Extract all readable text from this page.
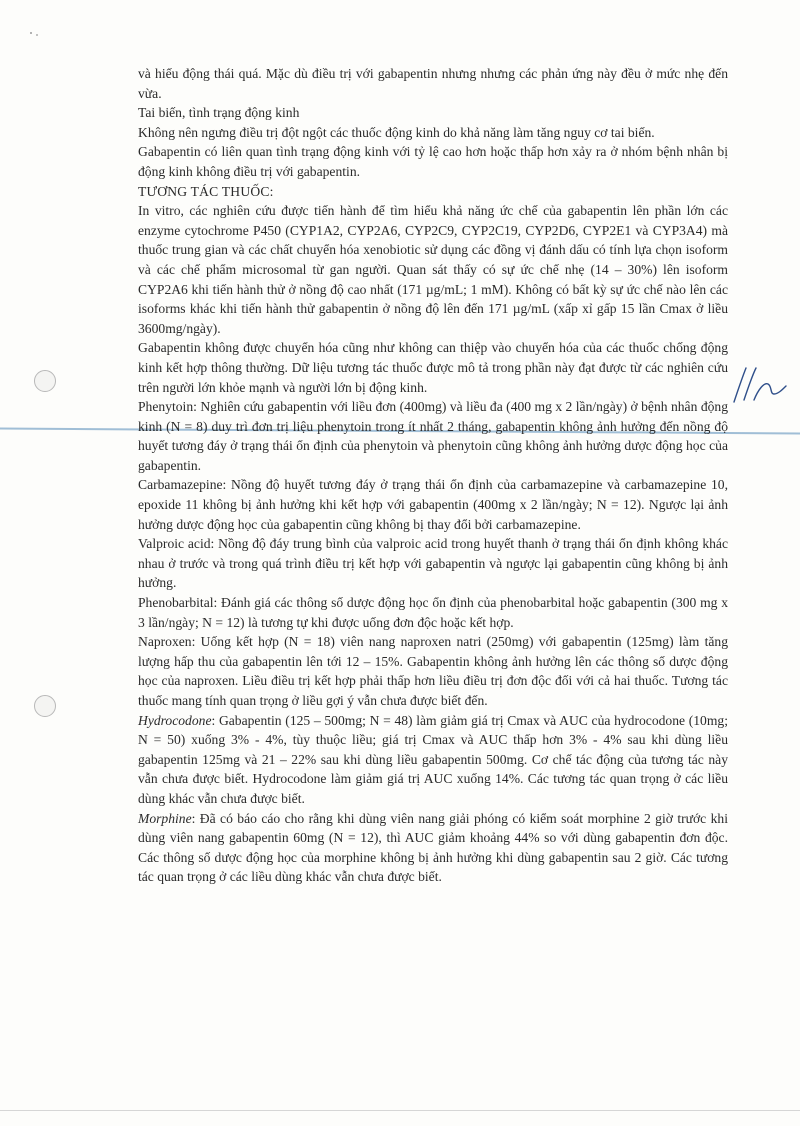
và hiếu động thái quá. Mặc dù điều trị với gabapentin nhưng nhưng các phản ứng này đều ở mức nhẹ đến vừa.

Tai biến, tình trạng động kinh

Không nên ngưng điều trị đột ngột các thuốc động kinh do khả năng làm tăng nguy cơ tai biến.

Gabapentin có liên quan tình trạng động kinh với tỷ lệ cao hơn hoặc thấp hơn xảy ra ở nhóm bệnh nhân bị động kinh không điều trị với gabapentin.

TƯƠNG TÁC THUỐC:

In vitro, các nghiên cứu được tiến hành để tìm hiểu khả năng ức chế của gabapentin lên phần lớn các enzyme cytochrome P450 (CYP1A2, CYP2A6, CYP2C9, CYP2C19, CYP2D6, CYP2E1 và CYP3A4) mà thuốc trung gian và các chất chuyển hóa xenobiotic sử dụng các đồng vị đánh dấu có tính lựa chọn isoform và các chế phẩm microsomal từ gan người. Quan sát thấy có sự ức chế nhẹ (14 – 30%) lên isoform CYP2A6 khi tiến hành thử ở nồng độ cao nhất (171 µg/mL; 1 mM). Không có bất kỳ sự ức chế nào lên các isoforms khác khi tiến hành thử gabapentin ở nồng độ lên đến 171 µg/mL (xấp xỉ gấp 15 lần Cmax ở liều 3600mg/ngày).

Gabapentin không được chuyển hóa cũng như không can thiệp vào chuyển hóa của các thuốc chống động kinh kết hợp thông thường. Dữ liệu tương tác thuốc được mô tả trong phần này đạt được từ các nghiên cứu trên người lớn khỏe mạnh và người lớn bị động kinh.

Phenytoin: Nghiên cứu gabapentin với liều đơn (400mg) và liều đa (400 mg x 2 lần/ngày) ở bệnh nhân động kinh (N = 8) duy trì đơn trị liệu phenytoin trong ít nhất 2 tháng, gabapentin không ảnh hưởng đến nồng độ huyết tương đáy ở trạng thái ổn định của phenytoin và phenytoin cũng không ảnh hưởng dược động học của gabapentin.

Carbamazepine: Nồng độ huyết tương đáy ở trạng thái ổn định của carbamazepine và carbamazepine 10, epoxide 11 không bị ảnh hưởng khi kết hợp với gabapentin (400mg x 2 lần/ngày; N = 12). Ngược lại ảnh hưởng dược động học của gabapentin cũng không bị thay đổi bởi carbamazepine.

Valproic acid: Nồng độ đáy trung bình của valproic acid trong huyết thanh ở trạng thái ổn định không khác nhau ở trước và trong quá trình điều trị kết hợp với gabapentin và ngược lại gabapentin cũng không bị ảnh hưởng.

Phenobarbital: Đánh giá các thông số dược động học ổn định của phenobarbital hoặc gabapentin (300 mg x 3 lần/ngày; N = 12) là tương tự khi được uống đơn độc hoặc kết hợp.

Naproxen: Uống kết hợp (N = 18) viên nang naproxen natri (250mg) với gabapentin (125mg) làm tăng lượng hấp thu của gabapentin lên tới 12 – 15%. Gabapentin không ảnh hưởng lên các thông số dược động học của naproxen. Liều điều trị kết hợp phải thấp hơn liều điều trị đơn độc đối với cả hai thuốc. Tương tác thuốc mang tính quan trọng ở liều gợi ý vẫn chưa được biết đến.

Hydrocodone: Gabapentin (125 – 500mg; N = 48) làm giảm giá trị Cmax và AUC của hydrocodone (10mg; N = 50) xuống 3% - 4%, tùy thuộc liều; giá trị Cmax và AUC thấp hơn 3% - 4% sau khi dùng liều gabapentin 125mg và 21 – 22% sau khi dùng liều gabapentin 500mg. Cơ chế tác động của tương tác này vẫn chưa được biết. Hydrocodone làm giảm giá trị AUC xuống 14%. Các tương tác quan trọng ở các liều dùng khác vẫn chưa được biết.

Morphine: Đã có báo cáo cho rằng khi dùng viên nang giải phóng có kiểm soát morphine 2 giờ trước khi dùng viên nang gabapentin 60mg (N = 12), thì AUC giảm khoảng 44% so với dùng gabapentin đơn độc. Các thông số dược động học của morphine không bị ảnh hưởng khi dùng gabapentin sau 2 giờ. Các tương tác quan trọng ở các liều dùng khác vẫn chưa được biết.
